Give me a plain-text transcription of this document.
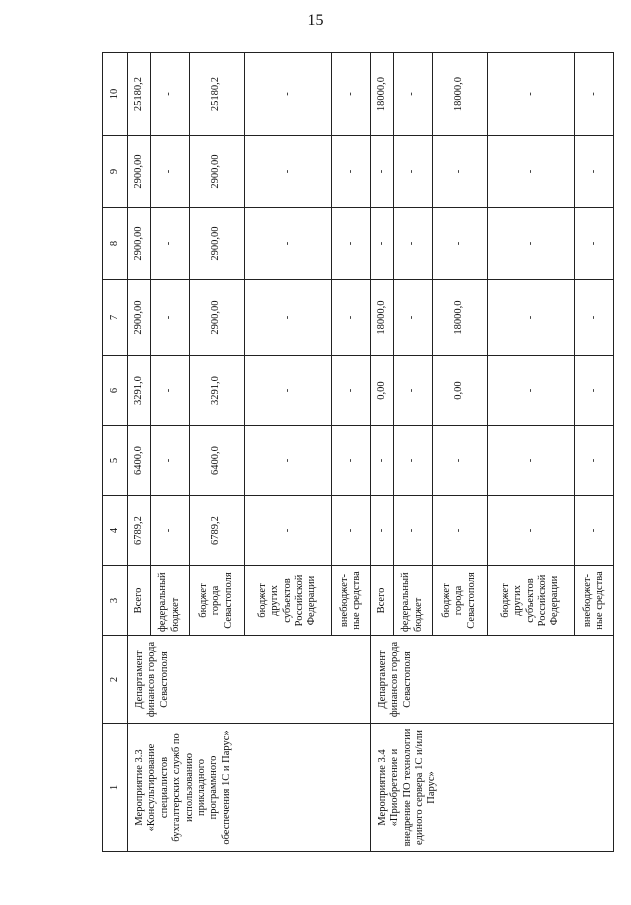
15
1	2	3	4	5	6	7	8	9	10
Мероприятие 3.3 «Консультирование специалистов бухгалтерских служб по использованию прикладного программного обеспечения 1С и Парус»	Департамент финансов города Севастополя	Всего	6789,2	6400,0	3291,0	2900,00	2900,00	2900,00	25180,2
		федеральный бюджет	-	-	-	-	-	-	-
		бюджет города Севастополя	6789,2	6400,0	3291,0	2900,00	2900,00	2900,00	25180,2
		бюджет других субъектов Российской Федерации	-	-	-	-	-	-	-
		внебюджет-ные средства	-	-	-	-	-	-	-
Мероприятие 3.4 «Приобретение и внедрение ПО технологии единого сервера 1С и/или Парус»	Департамент финансов города Севастополя	Всего	-	-	0,00	18000,0	-	-	18000,0
		федеральный бюджет	-	-	-	-	-	-	-
		бюджет города Севастополя	-	-	0,00	18000,0	-	-	18000,0
		бюджет других субъектов Российской Федерации	-	-	-	-	-	-	-
		внебюджет-ные средства	-	-	-	-	-	-	-
